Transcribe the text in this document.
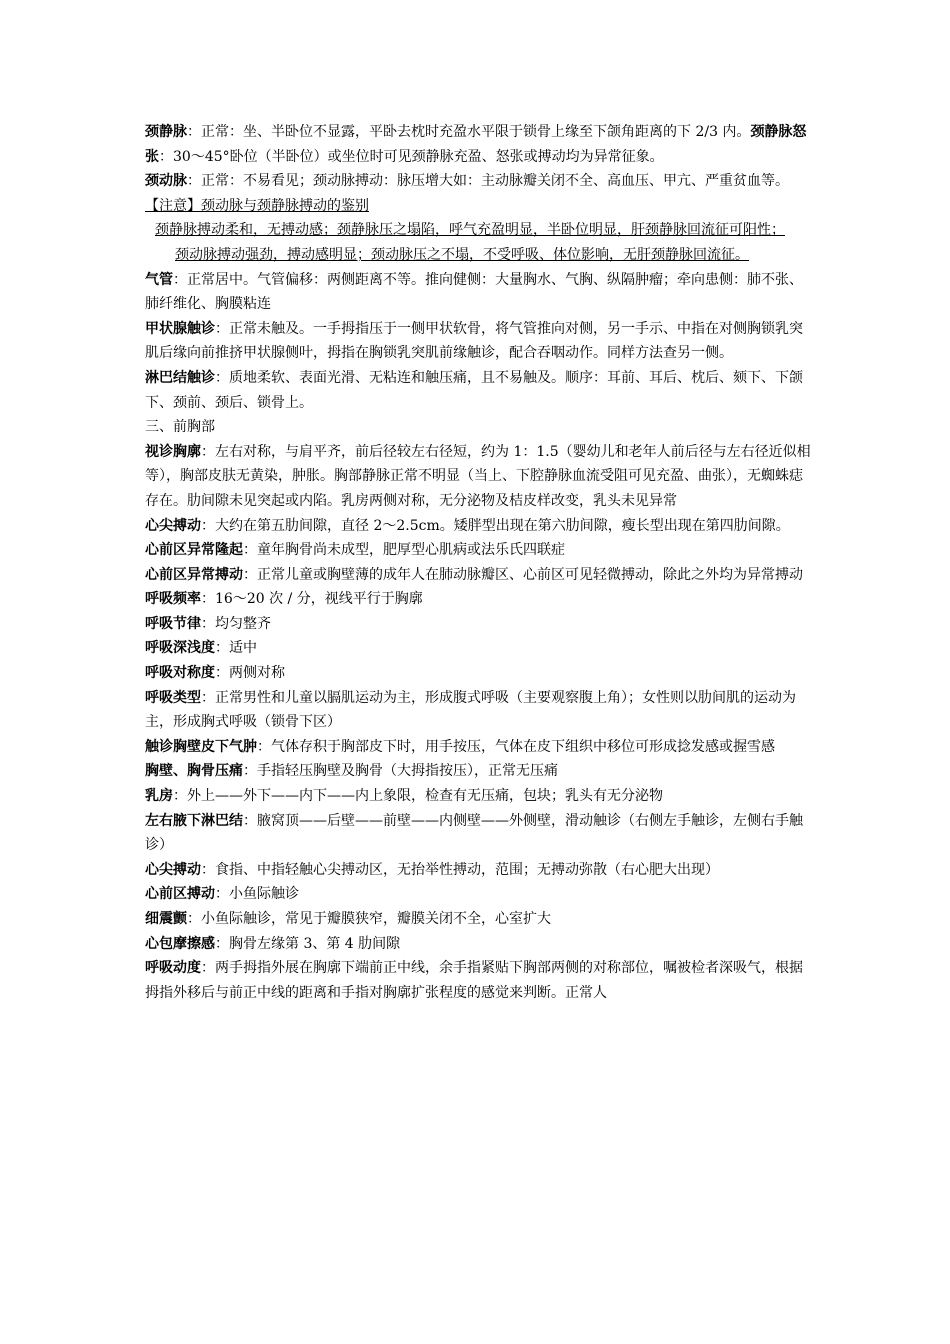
颈静脉：正常：坐、半卧位不显露，平卧去枕时充盈水平限于锁骨上缘至下颌角距离的下 2/3 内。颈静脉怒张：30～45°卧位（半卧位）或坐位时可见颈静脉充盈、怒张或搏动均为异常征象。

颈动脉：正常：不易看见；颈动脉搏动：脉压增大如：主动脉瓣关闭不全、高血压、甲亢、严重贫血等。

【注意】颈动脉与颈静脉搏动的鉴别

颈静脉搏动柔和，无搏动感；颈静脉压之塌陷，呼气充盈明显，半卧位明显，肝颈静脉回流征可阳性；

颈动脉搏动强劲，搏动感明显；颈动脉压之不塌，不受呼吸、体位影响，无肝颈静脉回流征。

气管：正常居中。气管偏移：两侧距离不等。推向健侧：大量胸水、气胸、纵隔肿瘤；牵向患侧：肺不张、肺纤维化、胸膜粘连

甲状腺触诊：正常未触及。一手拇指压于一侧甲状软骨，将气管推向对侧，另一手示、中指在对侧胸锁乳突肌后缘向前推挤甲状腺侧叶，拇指在胸锁乳突肌前缘触诊，配合吞咽动作。同样方法查另一侧。

淋巴结触诊：质地柔软、表面光滑、无粘连和触压痛，且不易触及。顺序：耳前、耳后、枕后、颏下、下颌下、颈前、颈后、锁骨上。

三、前胸部

视诊胸廓：左右对称，与肩平齐，前后径较左右径短，约为 1：1.5（婴幼儿和老年人前后径与左右径近似相等），胸部皮肤无黄染，肿胀。胸部静脉正常不明显（当上、下腔静脉血流受阻可见充盈、曲张），无蜘蛛痣存在。肋间隙未见突起或内陷。乳房两侧对称，无分泌物及桔皮样改变，乳头未见异常

心尖搏动：大约在第五肋间隙，直径 2～2.5cm。矮胖型出现在第六肋间隙，瘦长型出现在第四肋间隙。

心前区异常隆起：童年胸骨尚未成型，肥厚型心肌病或法乐氏四联症

心前区异常搏动：正常儿童或胸壁薄的成年人在肺动脉瓣区、心前区可见轻微搏动，除此之外均为异常搏动

呼吸频率：16～20 次 / 分，视线平行于胸廓

呼吸节律：均匀整齐

呼吸深浅度：适中

呼吸对称度：两侧对称

呼吸类型：正常男性和儿童以膈肌运动为主，形成腹式呼吸（主要观察腹上角）；女性则以肋间肌的运动为主，形成胸式呼吸（锁骨下区）

触诊胸壁皮下气肿：气体存积于胸部皮下时，用手按压，气体在皮下组织中移位可形成捻发感或握雪感

胸壁、胸骨压痛：手指轻压胸壁及胸骨（大拇指按压），正常无压痛

乳房：外上——外下——内下——内上象限，检查有无压痛，包块；乳头有无分泌物

左右腋下淋巴结：腋窝顶——后壁——前壁——内侧壁——外侧壁，滑动触诊（右侧左手触诊，左侧右手触诊）

心尖搏动：食指、中指轻触心尖搏动区，无抬举性搏动，范围；无搏动弥散（右心肥大出现）

心前区搏动：小鱼际触诊

细震颤：小鱼际触诊，常见于瓣膜狭窄，瓣膜关闭不全，心室扩大

心包摩擦感：胸骨左缘第 3、第 4 肋间隙

呼吸动度：两手拇指外展在胸廓下端前正中线，余手指紧贴下胸部两侧的对称部位，嘱被检者深吸气，根据拇指外移后与前正中线的距离和手指对胸廓扩张程度的感觉来判断。正常人
